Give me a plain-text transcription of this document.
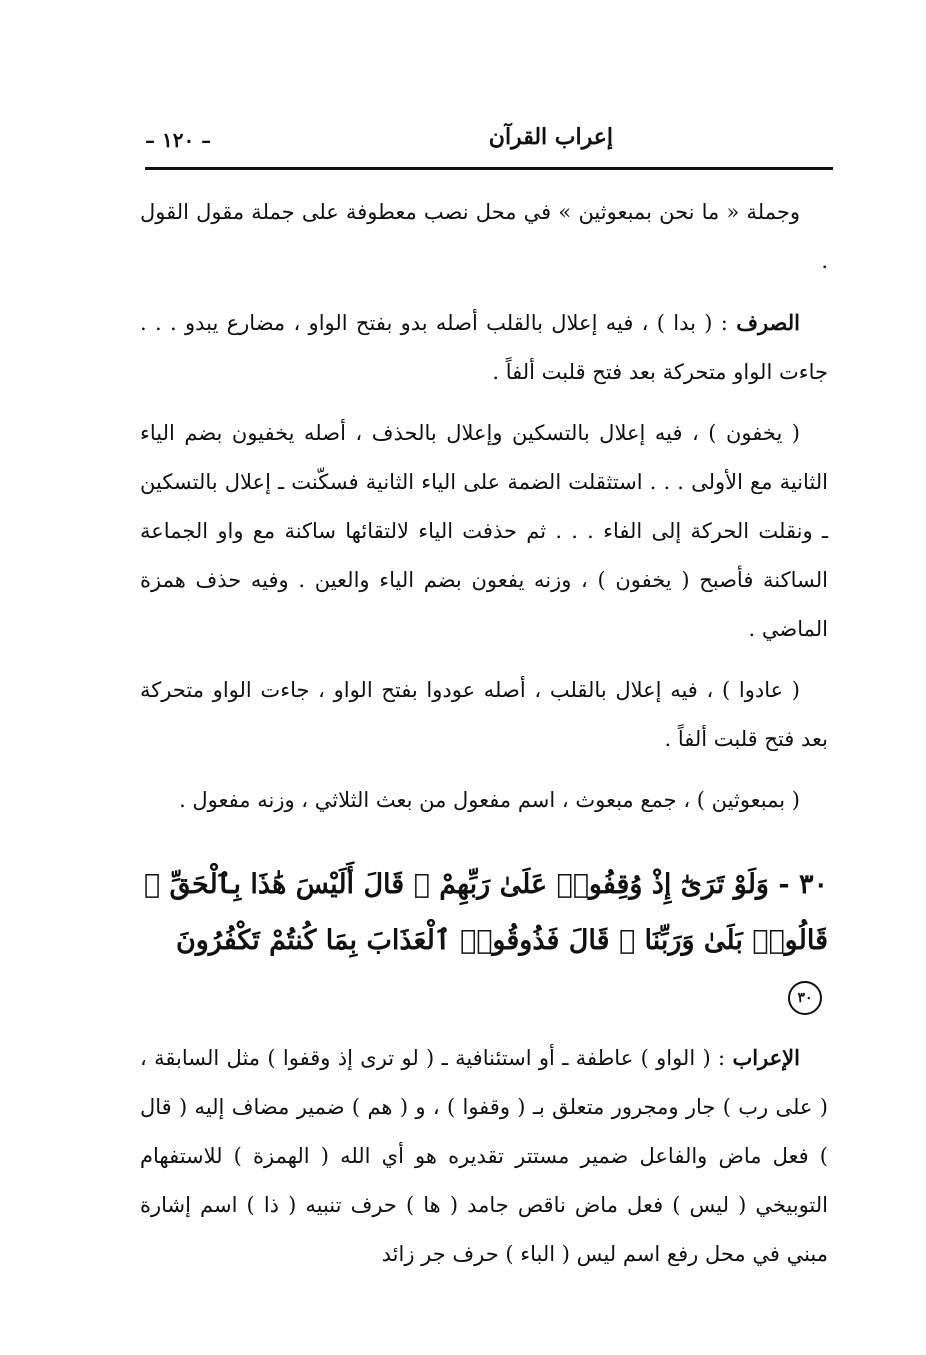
إعراب القرآن
– ١٢٠ –

وجملة « ما نحن بمبعوثين » في محل نصب معطوفة على جملة مقول القول .

الصرف : ( بدا ) ، فيه إعلال بالقلب أصله بدو بفتح الواو ، مضارع يبدو . . . جاءت الواو متحركة بعد فتح قلبت ألفاً .

( يخفون ) ، فيه إعلال بالتسكين وإعلال بالحذف ، أصله يخفيون بضم الياء الثانية مع الأولى . . . استثقلت الضمة على الياء الثانية فسكّنت ـ إعلال بالتسكين ـ ونقلت الحركة إلى الفاء . . . ثم حذفت الياء لالتقائها ساكنة مع واو الجماعة الساكنة فأصبح ( يخفون ) ، وزنه يفعون بضم الياء والعين . وفيه حذف همزة الماضي .

( عادوا ) ، فيه إعلال بالقلب ، أصله عودوا بفتح الواو ، جاءت الواو متحركة بعد فتح قلبت ألفاً .

( بمبعوثين ) ، جمع مبعوث ، اسم مفعول من بعث الثلاثي ، وزنه مفعول .

٣٠ - وَلَوْ تَرَىٰٓ إِذْ وُقِفُوا۟ عَلَىٰ رَبِّهِمْ ۚ قَالَ أَلَيْسَ هَٰذَا بِٱلْحَقِّ ۚ قَالُوا۟ بَلَىٰ وَرَبِّنَا ۚ قَالَ فَذُوقُوا۟ ٱلْعَذَابَ بِمَا كُنتُمْ تَكْفُرُونَ٣٠

الإعراب : ( الواو ) عاطفة ـ أو استئنافية ـ ( لو ترى إذ وقفوا ) مثل السابقة ، ( على رب ) جار ومجرور متعلق بـ ( وقفوا ) ، و ( هم ) ضمير مضاف إليه ( قال ) فعل ماض والفاعل ضمير مستتر تقديره هو أي الله ( الهمزة ) للاستفهام التوبيخي ( ليس ) فعل ماض ناقص جامد ( ها ) حرف تنبيه ( ذا ) اسم إشارة مبني في محل رفع اسم ليس ( الباء ) حرف جر زائد
